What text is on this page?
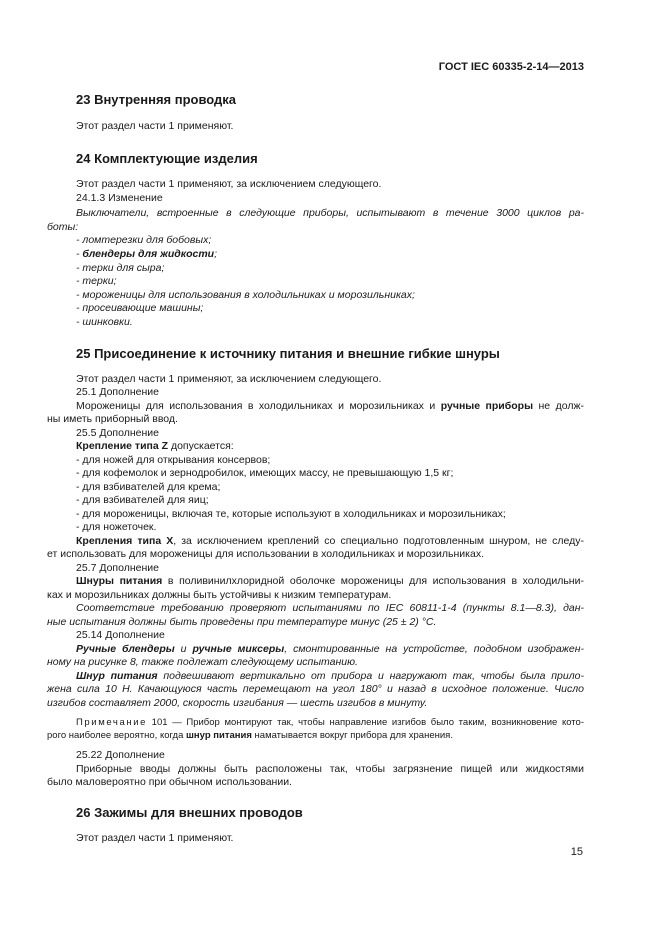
ГОСТ IEC 60335-2-14—2013
23 Внутренняя проводка
Этот раздел части 1 применяют.
24 Комплектующие изделия
Этот раздел части 1 применяют, за исключением следующего.
24.1.3 Изменение
Выключатели, встроенные в следующие приборы, испытывают в течение 3000 циклов ра-
боты:
- ломтерезки для бобовых;
- блендеры для жидкости;
- терки для сыра;
- терки;
- мороженицы для использования в холодильниках и морозильниках;
- просеивающие машины;
- шинковки.
25 Присоединение к источнику питания и внешние гибкие шнуры
Этот раздел части 1 применяют, за исключением следующего.
25.1 Дополнение
Мороженицы для использования в холодильниках и морозильниках и ручные приборы не долж-
ны иметь приборный ввод.
25.5 Дополнение
Крепление типа Z допускается:
- для ножей для открывания консервов;
- для кофемолок и зернодробилок, имеющих массу, не превышающую 1,5 кг;
- для взбивателей для крема;
- для взбивателей для яиц;
- для мороженицы, включая те, которые используют в холодильниках и морозильниках;
- для ножеточек.
Крепления типа X, за исключением креплений со специально подготовленным шнуром, не следу-
ет использовать для мороженицы для использовании в холодильниках и морозильниках.
25.7 Дополнение
Шнуры питания в поливинилхлоридной оболочке мороженицы для использования в холодильни-
ках и морозильниках должны быть устойчивы к низким температурам.
Соответствие требованию проверяют испытаниями по IEC 60811-1-4 (пункты 8.1—8.3), дан-
ные испытания должны быть проведены при температуре минус (25 ± 2) °С.
25.14 Дополнение
Ручные блендеры и ручные миксеры, смонтированные на устройстве, подобном изображен-
ному на рисунке 8, также подлежат следующему испытанию.
Шнур питания подвешивают вертикально от прибора и нагружают так, чтобы была прило-
жена сила 10 Н. Качающуюся часть перемещают на угол 180° и назад в исходное положение. Число
изгибов составляет 2000, скорость изгибания — шесть изгибов в минуту.
Примечание 101 — Прибор монтируют так, чтобы направление изгибов было таким, возникновение кото-
рого наиболее вероятно, когда шнур питания наматывается вокруг прибора для хранения.
25.22 Дополнение
Приборные вводы должны быть расположены так, чтобы загрязнение пищей или жидкостями
было маловероятно при обычном использовании.
26 Зажимы для внешних проводов
Этот раздел части 1 применяют.
15
